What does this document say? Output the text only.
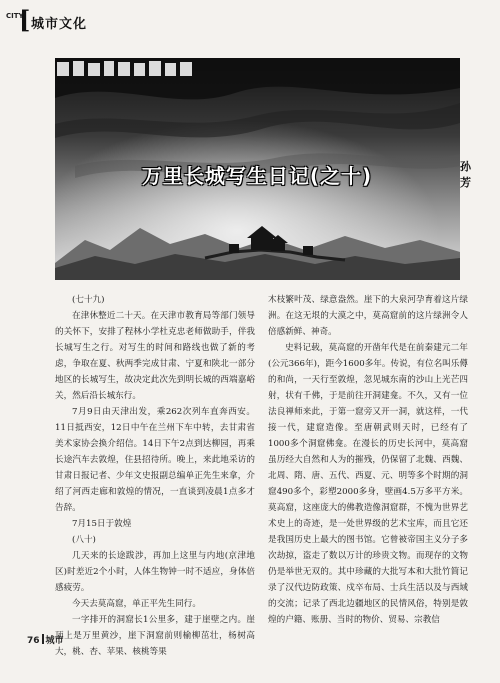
CITY
[ 城市文化
孙 芳
万里长城写生日记(之十)

(七十九)

在津休整近二十天。在天津市教育局等部门领导的关怀下，安排了程林小学杜克忠老师做助手，伴我长城写生之行。对写生的时间和路线也做了新的考虑，争取在夏、秋两季完成甘肃、宁夏和陕北一部分地区的长城写生，故决定此次先到明长城的西端嘉峪关，然后沿长城东行。

7月9日由天津出发，乘262次列车直奔西安。11日抵西安，12日中午在兰州下车中转，去甘肃省美术家协会换介绍信。14日下午2点到达柳园，再乘长途汽车去敦煌，住县招待所。晚上，来此地采访的甘肃日报记者、少年文史报副总编单正先生来拿，介绍了河西走廊和敦煌的情况，一直谈到凌晨1点多才告辞。

7月15日于敦煌

(八十)

几天来的长途跋涉，再加上这里与内地(京津地区)时差近2个小时，人体生物钟一时不适应，身体倍感疲劳。

今天去莫高窟，单正平先生同行。

一字排开的洞窟长1公里多，建于崖壁之内。崖顶上是万里黄沙，崖下洞窟前则榆柳茁壮，杨树高大，桃、杏、苹果、核桃等果

木枝繁叶茂、绿意盎然。崖下的大泉河孕育着这片绿洲。在这无垠的大漠之中，莫高窟前的这片绿洲令人倍感新鲜、神奇。

史料记载，莫高窟的开凿年代是在前秦建元二年(公元366年)，距今1600多年。传说，有位名叫乐僔的和尚，一天行至敦煌，忽见城东南的沙山上光芒四射，状有千佛，于是前往开洞建龛。不久，又有一位法良禅师来此，于第一窟旁又开一洞，就这样，一代接一代，建窟造像。至唐朝武则天时，已经有了1000多个洞窟佛龛。在漫长的历史长河中，莫高窟虽历经大自然和人为的摧残，仍保留了北魏、西魏、北周、隋、唐、五代、西夏、元、明等多个时期的洞窟490多个，彩塑2000多身，壁画4.5万多平方米。莫高窟，这座庞大的佛教造像洞窟群，不愧为世界艺术史上的奇迹，是一处世界级的艺术宝库，而且它还是我国历史上最大的图书馆。它曾被帝国主义分子多次劫掠，盗走了数以万计的珍贵文物。而现存的文物仍是举世无双的。其中珍藏的大批写本和大批竹简记录了汉代边防政策、戍卒布局、士兵生活以及与西域的交流；记录了西北边疆地区的民情风俗，特别是敦煌的户籍、账册、当时的物价、贸易、宗教信

76 城市
